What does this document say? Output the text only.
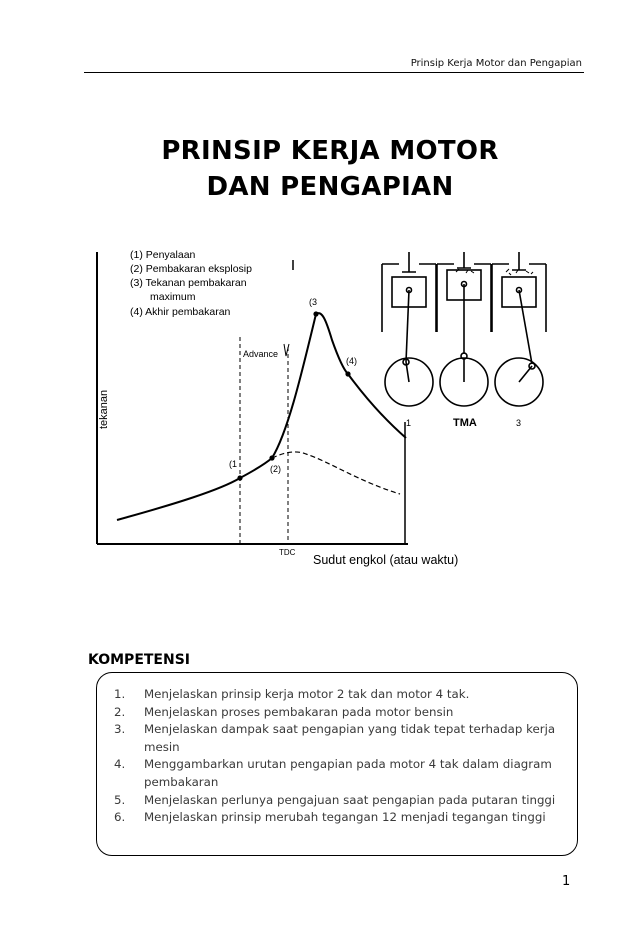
Prinsip Kerja Motor dan Pengapian
PRINSIP KERJA MOTOR
DAN PENGAPIAN
(1	(2)
(3
(4)
(1) Penyalaan
(2) Pembakaran eksplosip
(3) Tekanan pembakaran
maximum
(4) Akhir pembakaran
tekanan
Sudut engkol (atau waktu)
Advance
TDC
1	TMA	3
KOMPETENSI
1.	Menjelaskan prinsip kerja motor 2 tak dan motor 4 tak.
2.	Menjelaskan proses pembakaran pada motor bensin
3.	Menjelaskan dampak saat pengapian yang tidak tepat terhadap kerja mesin
4.	Menggambarkan urutan pengapian pada motor 4 tak dalam diagram pembakaran
5.	Menjelaskan perlunya pengajuan saat pengapian pada putaran tinggi
6.	Menjelaskan prinsip merubah tegangan 12 menjadi tegangan tinggi
1
